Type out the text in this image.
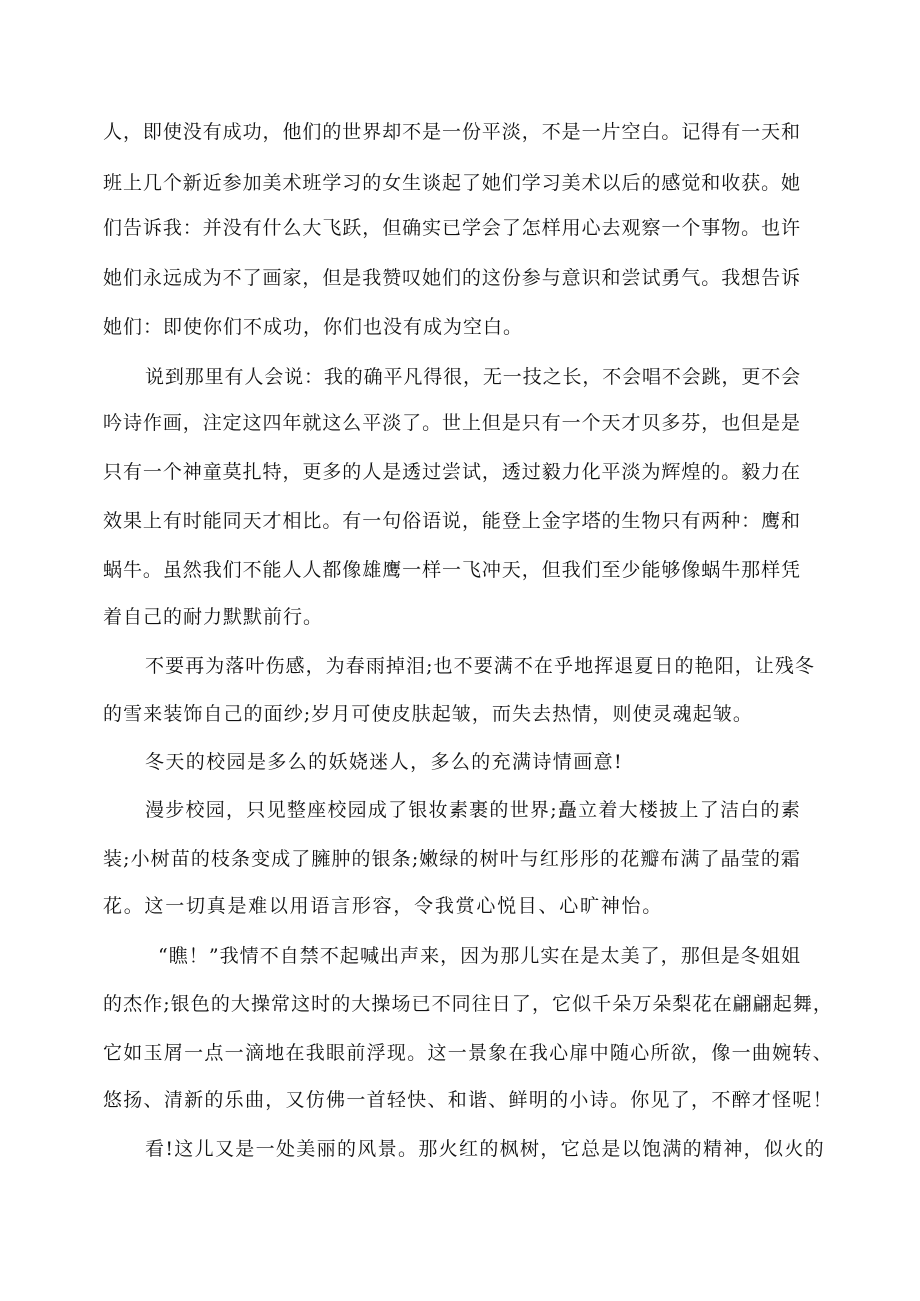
人，即使没有成功，他们的世界却不是一份平淡，不是一片空白。记得有一天和

班上几个新近参加美术班学习的女生谈起了她们学习美术以后的感觉和收获。她

们告诉我：并没有什么大飞跃，但确实已学会了怎样用心去观察一个事物。也许

她们永远成为不了画家，但是我赞叹她们的这份参与意识和尝试勇气。我想告诉

她们：即使你们不成功，你们也没有成为空白。

说到那里有人会说：我的确平凡得很，无一技之长，不会唱不会跳，更不会

吟诗作画，注定这四年就这么平淡了。世上但是只有一个天才贝多芬，也但是是

只有一个神童莫扎特，更多的人是透过尝试，透过毅力化平淡为辉煌的。毅力在

效果上有时能同天才相比。有一句俗语说，能登上金字塔的生物只有两种：鹰和

蜗牛。虽然我们不能人人都像雄鹰一样一飞冲天，但我们至少能够像蜗牛那样凭

着自己的耐力默默前行。

不要再为落叶伤感，为春雨掉泪;也不要满不在乎地挥退夏日的艳阳，让残冬

的雪来装饰自己的面纱;岁月可使皮肤起皱，而失去热情，则使灵魂起皱。

冬天的校园是多么的妖娆迷人，多么的充满诗情画意!

漫步校园，只见整座校园成了银妆素裹的世界;矗立着大楼披上了洁白的素

装;小树苗的枝条变成了臃肿的银条;嫩绿的树叶与红彤彤的花瓣布满了晶莹的霜

花。这一切真是难以用语言形容，令我赏心悦目、心旷神怡。

“瞧！”我情不自禁不起喊出声来，因为那儿实在是太美了，那但是冬姐姐

的杰作;银色的大操常这时的大操场已不同往日了，它似千朵万朵梨花在翩翩起舞，

它如玉屑一点一滴地在我眼前浮现。这一景象在我心扉中随心所欲，像一曲婉转、

悠扬、清新的乐曲，又仿佛一首轻快、和谐、鲜明的小诗。你见了，不醉才怪呢！

看!这儿又是一处美丽的风景。那火红的枫树，它总是以饱满的精神，似火的
